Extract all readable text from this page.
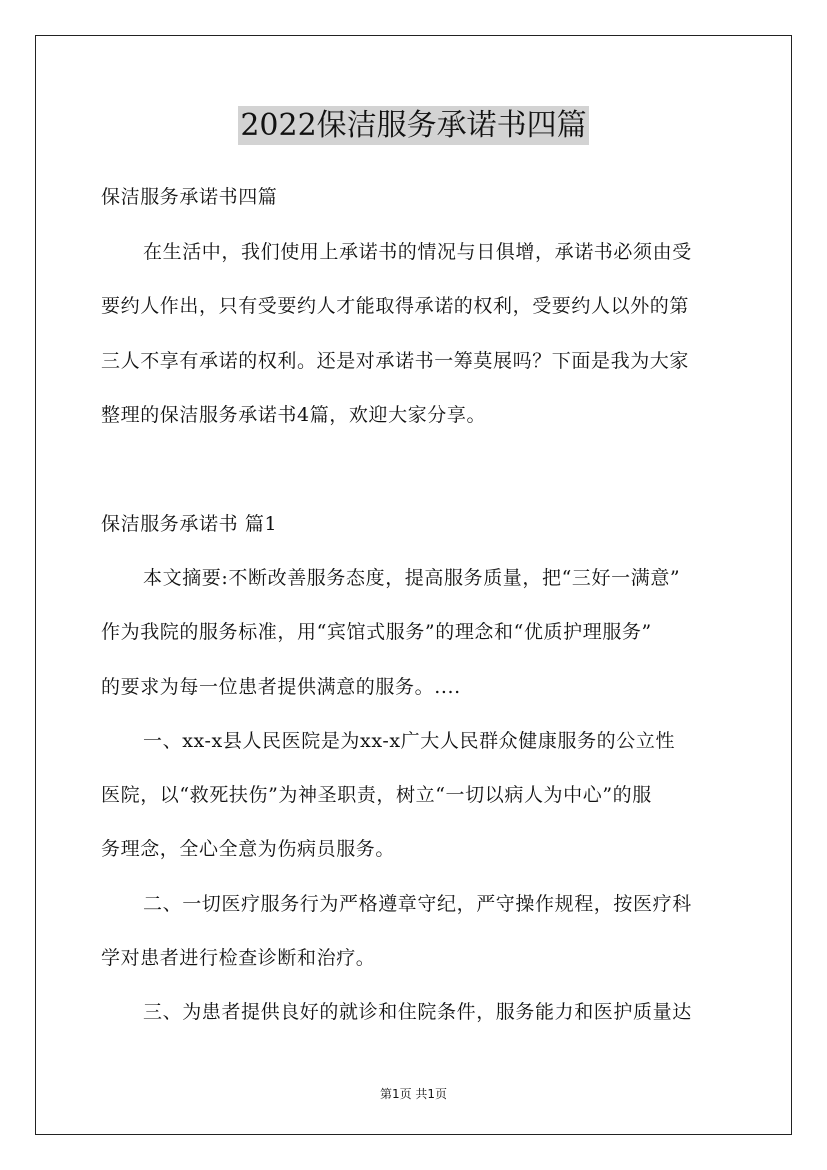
2022保洁服务承诺书四篇
保洁服务承诺书四篇
在生活中，我们使用上承诺书的情况与日俱增，承诺书必须由受
要约人作出，只有受要约人才能取得承诺的权利，受要约人以外的第
三人不享有承诺的权利。还是对承诺书一筹莫展吗？下面是我为大家
整理的保洁服务承诺书4篇，欢迎大家分享。
保洁服务承诺书 篇1
本文摘要:不断改善服务态度，提高服务质量，把“三好一满意”
作为我院的服务标准，用“宾馆式服务”的理念和“优质护理服务”
的要求为每一位患者提供满意的服务。....
一、xx-x县人民医院是为xx-x广大人民群众健康服务的公立性
医院，以“救死扶伤”为神圣职责，树立“一切以病人为中心”的服
务理念，全心全意为伤病员服务。
二、一切医疗服务行为严格遵章守纪，严守操作规程，按医疗科
学对患者进行检查诊断和治疗。
三、为患者提供良好的就诊和住院条件，服务能力和医护质量达
第1页 共1页
